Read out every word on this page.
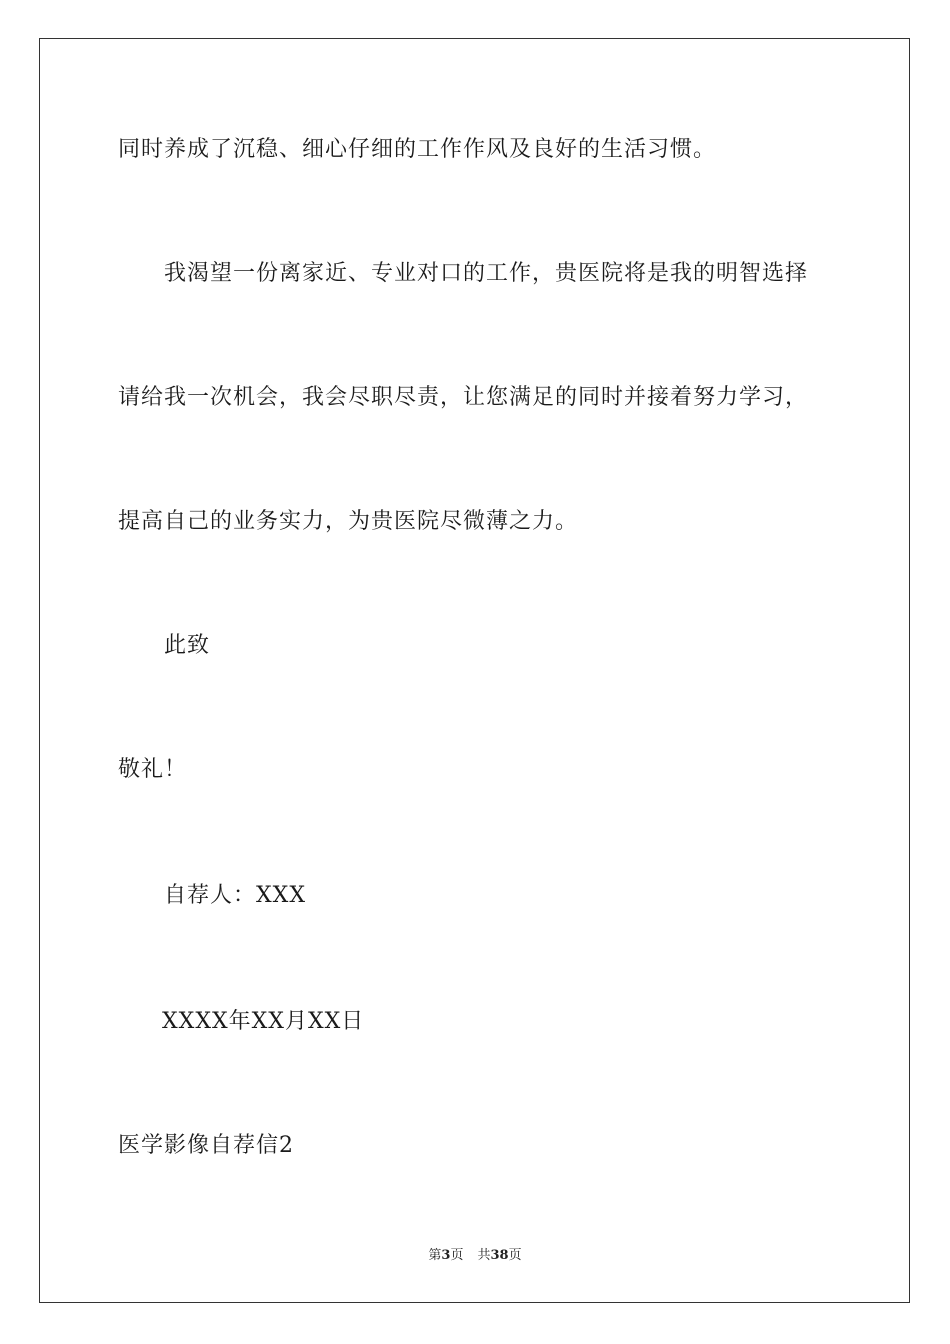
同时养成了沉稳、细心仔细的工作作风及良好的生活习惯。
我渴望一份离家近、专业对口的工作，贵医院将是我的明智选择
请给我一次机会，我会尽职尽责，让您满足的同时并接着努力学习，
提高自己的业务实力，为贵医院尽微薄之力。
此致
敬礼！
自荐人：XXX
XXXX年XX月XX日
医学影像自荐信2
第3页 共38页
